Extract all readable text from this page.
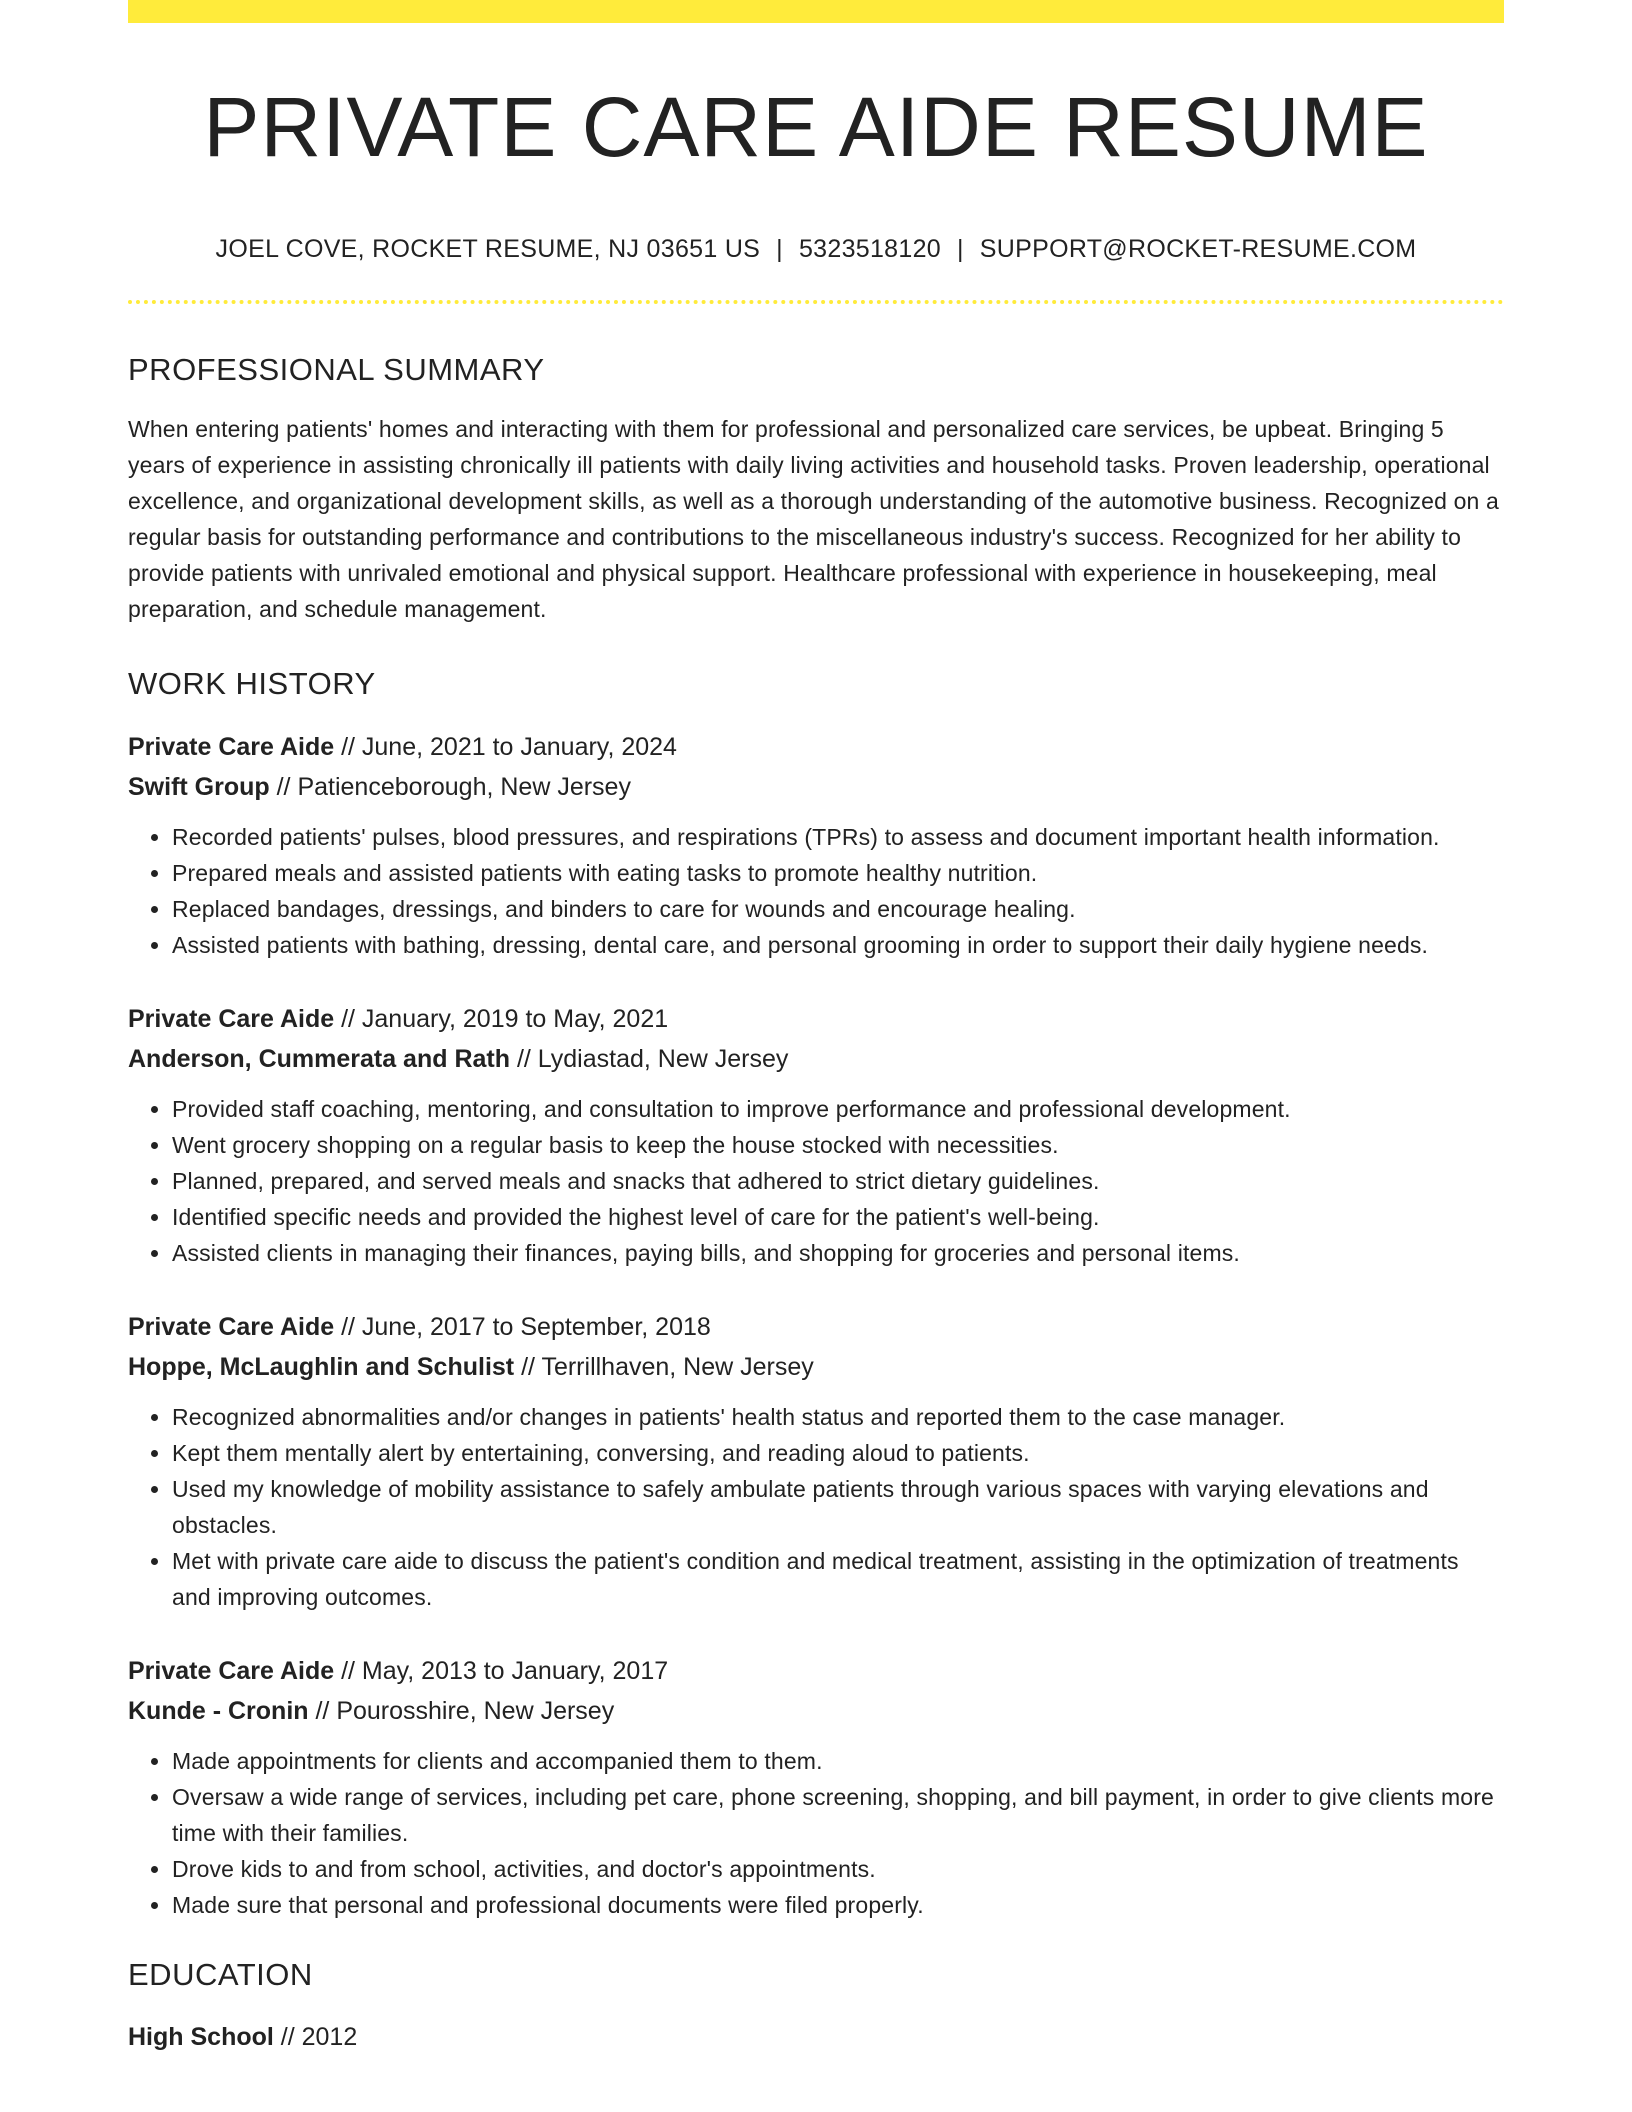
PRIVATE CARE AIDE RESUME
JOEL COVE, ROCKET RESUME, NJ 03651 US | 5323518120 | SUPPORT@ROCKET-RESUME.COM
PROFESSIONAL SUMMARY

When entering patients' homes and interacting with them for professional and personalized care services, be upbeat. Bringing 5 years of experience in assisting chronically ill patients with daily living activities and household tasks. Proven leadership, operational excellence, and organizational development skills, as well as a thorough understanding of the automotive business. Recognized on a regular basis for outstanding performance and contributions to the miscellaneous industry's success. Recognized for her ability to provide patients with unrivaled emotional and physical support. Healthcare professional with experience in housekeeping, meal preparation, and schedule management.

WORK HISTORY

Private Care Aide // June, 2021 to January, 2024

Swift Group // Patienceborough, New Jersey

• Recorded patients' pulses, blood pressures, and respirations (TPRs) to assess and document important health information.
• Prepared meals and assisted patients with eating tasks to promote healthy nutrition.
• Replaced bandages, dressings, and binders to care for wounds and encourage healing.
• Assisted patients with bathing, dressing, dental care, and personal grooming in order to support their daily hygiene needs.

Private Care Aide // January, 2019 to May, 2021

Anderson, Cummerata and Rath // Lydiastad, New Jersey

• Provided staff coaching, mentoring, and consultation to improve performance and professional development.
• Went grocery shopping on a regular basis to keep the house stocked with necessities.
• Planned, prepared, and served meals and snacks that adhered to strict dietary guidelines.
• Identified specific needs and provided the highest level of care for the patient's well-being.
• Assisted clients in managing their finances, paying bills, and shopping for groceries and personal items.

Private Care Aide // June, 2017 to September, 2018

Hoppe, McLaughlin and Schulist // Terrillhaven, New Jersey

• Recognized abnormalities and/or changes in patients' health status and reported them to the case manager.
• Kept them mentally alert by entertaining, conversing, and reading aloud to patients.
• Used my knowledge of mobility assistance to safely ambulate patients through various spaces with varying elevations and obstacles.
• Met with private care aide to discuss the patient's condition and medical treatment, assisting in the optimization of treatments and improving outcomes.

Private Care Aide // May, 2013 to January, 2017

Kunde - Cronin // Pourosshire, New Jersey

• Made appointments for clients and accompanied them to them.
• Oversaw a wide range of services, including pet care, phone screening, shopping, and bill payment, in order to give clients more time with their families.
• Drove kids to and from school, activities, and doctor's appointments.
• Made sure that personal and professional documents were filed properly.
EDUCATION

High School // 2012
